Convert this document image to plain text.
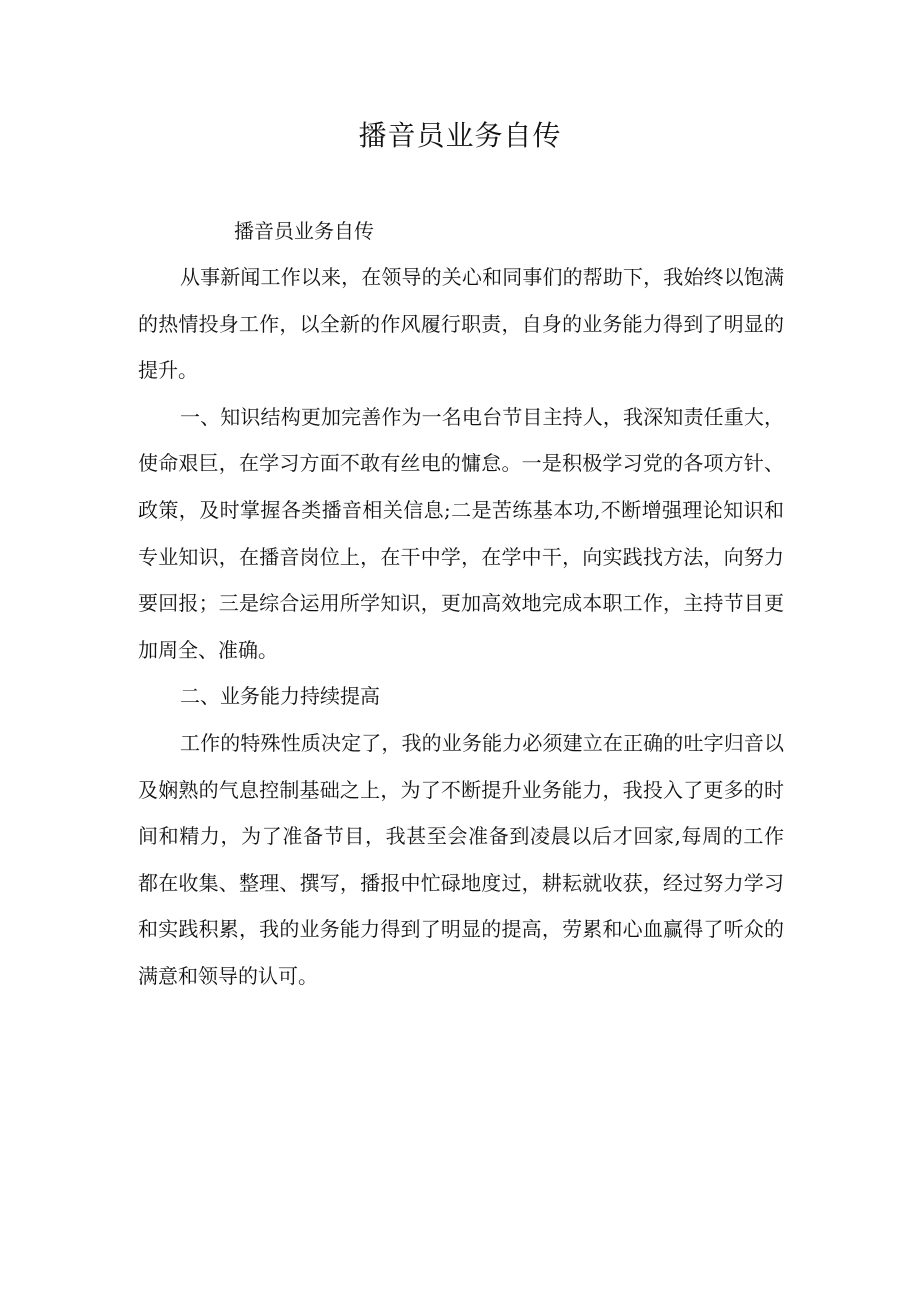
播音员业务自传

播音员业务自传

从事新闻工作以来，在领导的关心和同事们的帮助下，我始终以饱满的热情投身工作，以全新的作风履行职责，自身的业务能力得到了明显的提升。

一、知识结构更加完善作为一名电台节目主持人，我深知责任重大，使命艰巨，在学习方面不敢有丝电的慵怠。一是积极学习党的各项方针、政策，及时掌握各类播音相关信息;二是苦练基本功,不断增强理论知识和专业知识，在播音岗位上，在干中学，在学中干，向实践找方法，向努力要回报；三是综合运用所学知识，更加高效地完成本职工作，主持节目更加周全、准确。

二、业务能力持续提高

工作的特殊性质决定了，我的业务能力必须建立在正确的吐字归音以及娴熟的气息控制基础之上，为了不断提升业务能力，我投入了更多的时间和精力，为了准备节目，我甚至会准备到凌晨以后才回家,每周的工作都在收集、整理、撰写，播报中忙碌地度过，耕耘就收获，经过努力学习和实践积累，我的业务能力得到了明显的提高，劳累和心血赢得了听众的满意和领导的认可。
